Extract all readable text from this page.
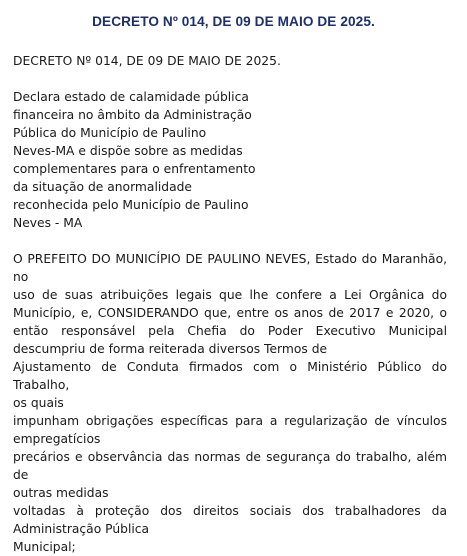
DECRETO Nº 014, DE 09 DE MAIO DE 2025.
DECRETO Nº 014, DE 09 DE MAIO DE 2025.
Declara estado de calamidade pública
financeira no âmbito da Administração
Pública do Município de Paulino
Neves-MA e dispõe sobre as medidas
complementares para o enfrentamento
da situação de anormalidade
reconhecida pelo Município de Paulino
Neves - MA
O PREFEITO DO MUNICÍPIO DE PAULINO NEVES, Estado do Maranhão, no
uso de suas atribuições legais que lhe confere a Lei Orgânica do
Município, e, CONSIDERANDO que, entre os anos de 2017 e 2020, o
então responsável pela Chefia do Poder Executivo Municipal
descumpriu de forma reiterada diversos Termos de
Ajustamento de Conduta firmados com o Ministério Público do Trabalho,
os quais
impunham obrigações específicas para a regularização de vínculos
empregatícios
precários e observância das normas de segurança do trabalho, além de
outras medidas
voltadas à proteção dos direitos sociais dos trabalhadores da
Administração Pública
Municipal;
